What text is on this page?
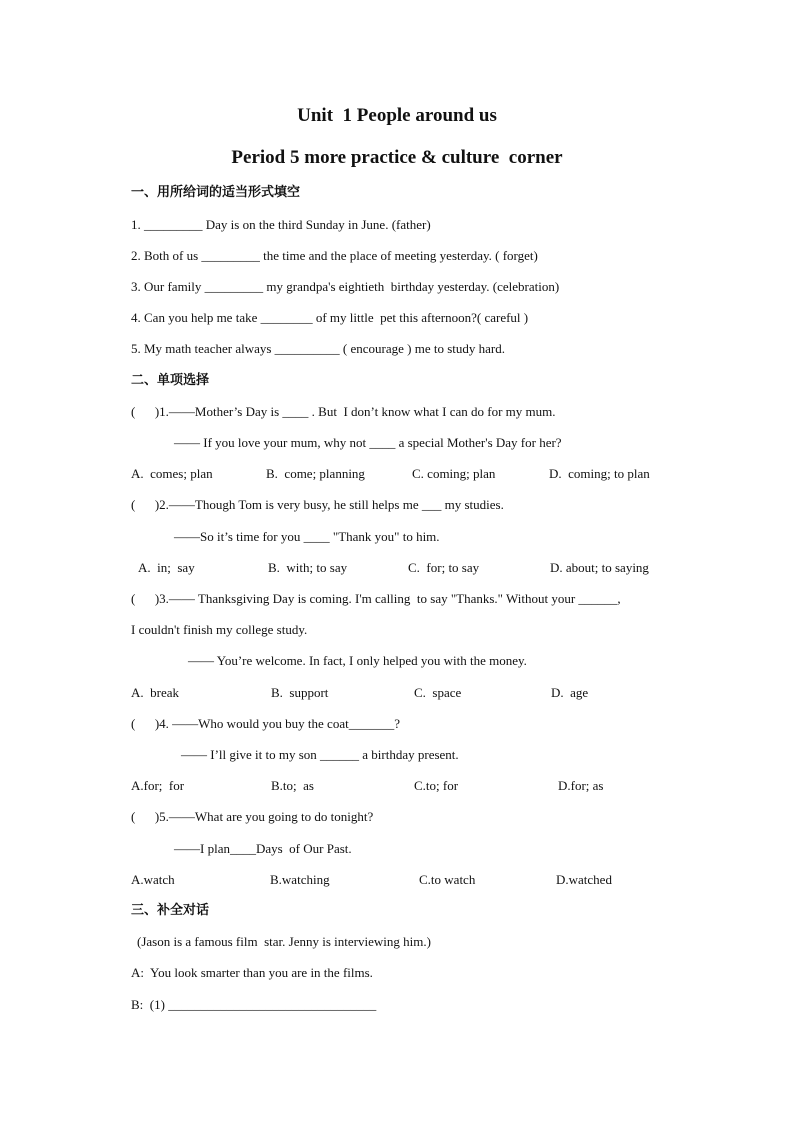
Unit  1 People around us
Period 5 more practice & culture  corner
一、用所给词的适当形式填空
1. _________ Day is on the third Sunday in June. (father)
2. Both of us _________ the time and the place of meeting yesterday. ( forget)
3. Our family _________ my grandpa's eightieth  birthday yesterday. (celebration)
4. Can you help me take ________ of my little  pet this afternoon?( careful )
5. My math teacher always __________ ( encourage ) me to study hard.
二、单项选择
(      )1.——Mother’s Day is ____ . But  I don’t know what I can do for my mum.
—— If you love your mum, why not ____ a special Mother's Day for her?
A.  comes; plan	B.  come; planning	C. coming; plan	D.  coming; to plan
(      )2.——Though Tom is very busy, he still helps me ___ my studies.
——So it’s time for you ____ "Thank you" to him.
A.  in;  say	B.  with; to say	C.  for; to say	D. about; to saying
(      )3.—— Thanksgiving Day is coming. I'm calling  to say "Thanks." Without your ______,
I couldn't finish my college study.
—— You’re welcome. In fact, I only helped you with the money.
A.  break	B.  support	C.  space	D.  age
(      )4. ——Who would you buy the coat_______?
—— I’ll give it to my son ______ a birthday present.
A.for;  for	B.to;  as	C.to; for	D.for; as
(      )5.——What are you going to do tonight?
——I plan____Days  of Our Past.
A.watch	B.watching	C.to watch	D.watched
三、补全对话
(Jason is a famous film  star. Jenny is interviewing him.)
A:  You look smarter than you are in the films.
B:  (1) ________________________________
